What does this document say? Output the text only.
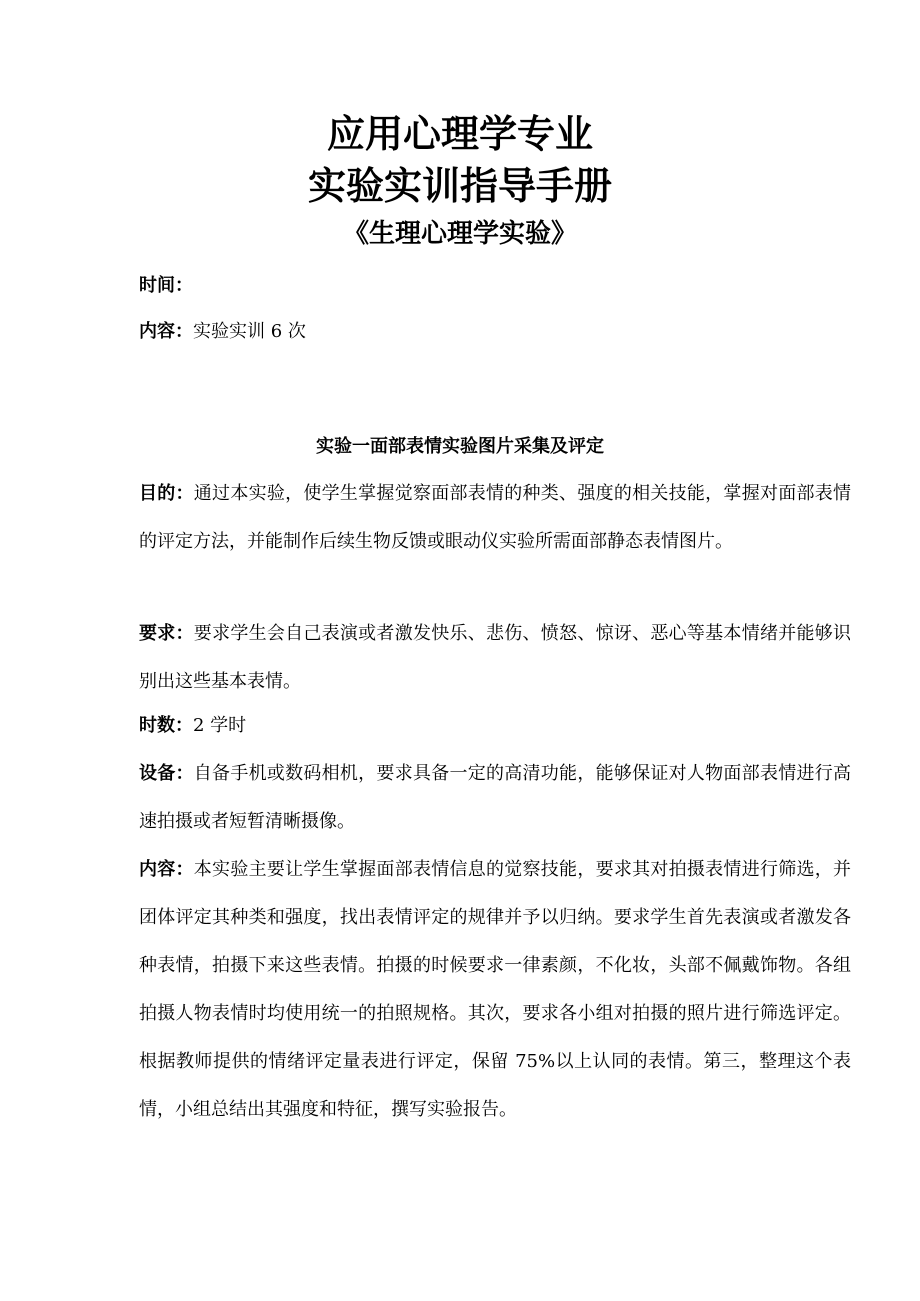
应用心理学专业
实验实训指导手册
《生理心理学实验》
时间：
内容：实验实训 6 次
实验一面部表情实验图片采集及评定

目的：通过本实验，使学生掌握觉察面部表情的种类、强度的相关技能，掌握对面部表情的评定方法，并能制作后续生物反馈或眼动仪实验所需面部静态表情图片。

要求：要求学生会自己表演或者激发快乐、悲伤、愤怒、惊讶、恶心等基本情绪并能够识别出这些基本表情。

时数：2 学时

设备：自备手机或数码相机，要求具备一定的高清功能，能够保证对人物面部表情进行高速拍摄或者短暂清晰摄像。

内容：本实验主要让学生掌握面部表情信息的觉察技能，要求其对拍摄表情进行筛选，并团体评定其种类和强度，找出表情评定的规律并予以归纳。要求学生首先表演或者激发各种表情，拍摄下来这些表情。拍摄的时候要求一律素颜，不化妆，头部不佩戴饰物。各组拍摄人物表情时均使用统一的拍照规格。其次，要求各小组对拍摄的照片进行筛选评定。根据教师提供的情绪评定量表进行评定，保留 75%以上认同的表情。第三，整理这个表情，小组总结出其强度和特征，撰写实验报告。
